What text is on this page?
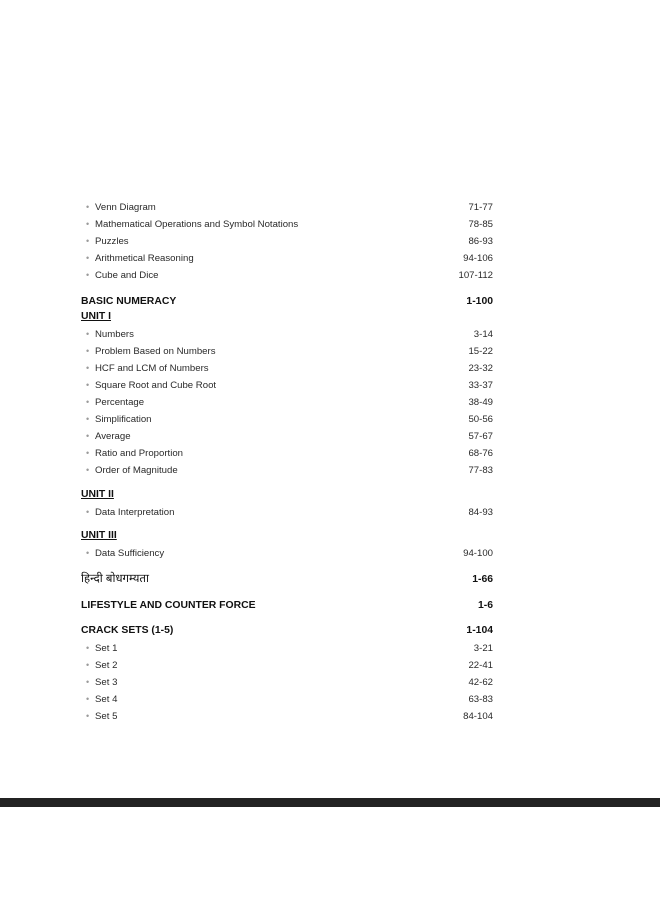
• Venn Diagram	71-77
• Mathematical Operations and Symbol Notations	78-85
• Puzzles	86-93
• Arithmetical Reasoning	94-106
• Cube and Dice	107-112
BASIC NUMERACY	1-100
UNIT I
• Numbers	3-14
• Problem Based on Numbers	15-22
• HCF and LCM of Numbers	23-32
• Square Root and Cube Root	33-37
• Percentage	38-49
• Simplification	50-56
• Average	57-67
• Ratio and Proportion	68-76
• Order of Magnitude	77-83
UNIT II
• Data Interpretation	84-93
UNIT III
• Data Sufficiency	94-100
हिन्दी बोधगम्यता	1-66
LIFESTYLE AND COUNTER FORCE	1-6
CRACK SETS (1-5)	1-104
• Set 1	3-21
• Set 2	22-41
• Set 3	42-62
• Set 4	63-83
• Set 5	84-104
